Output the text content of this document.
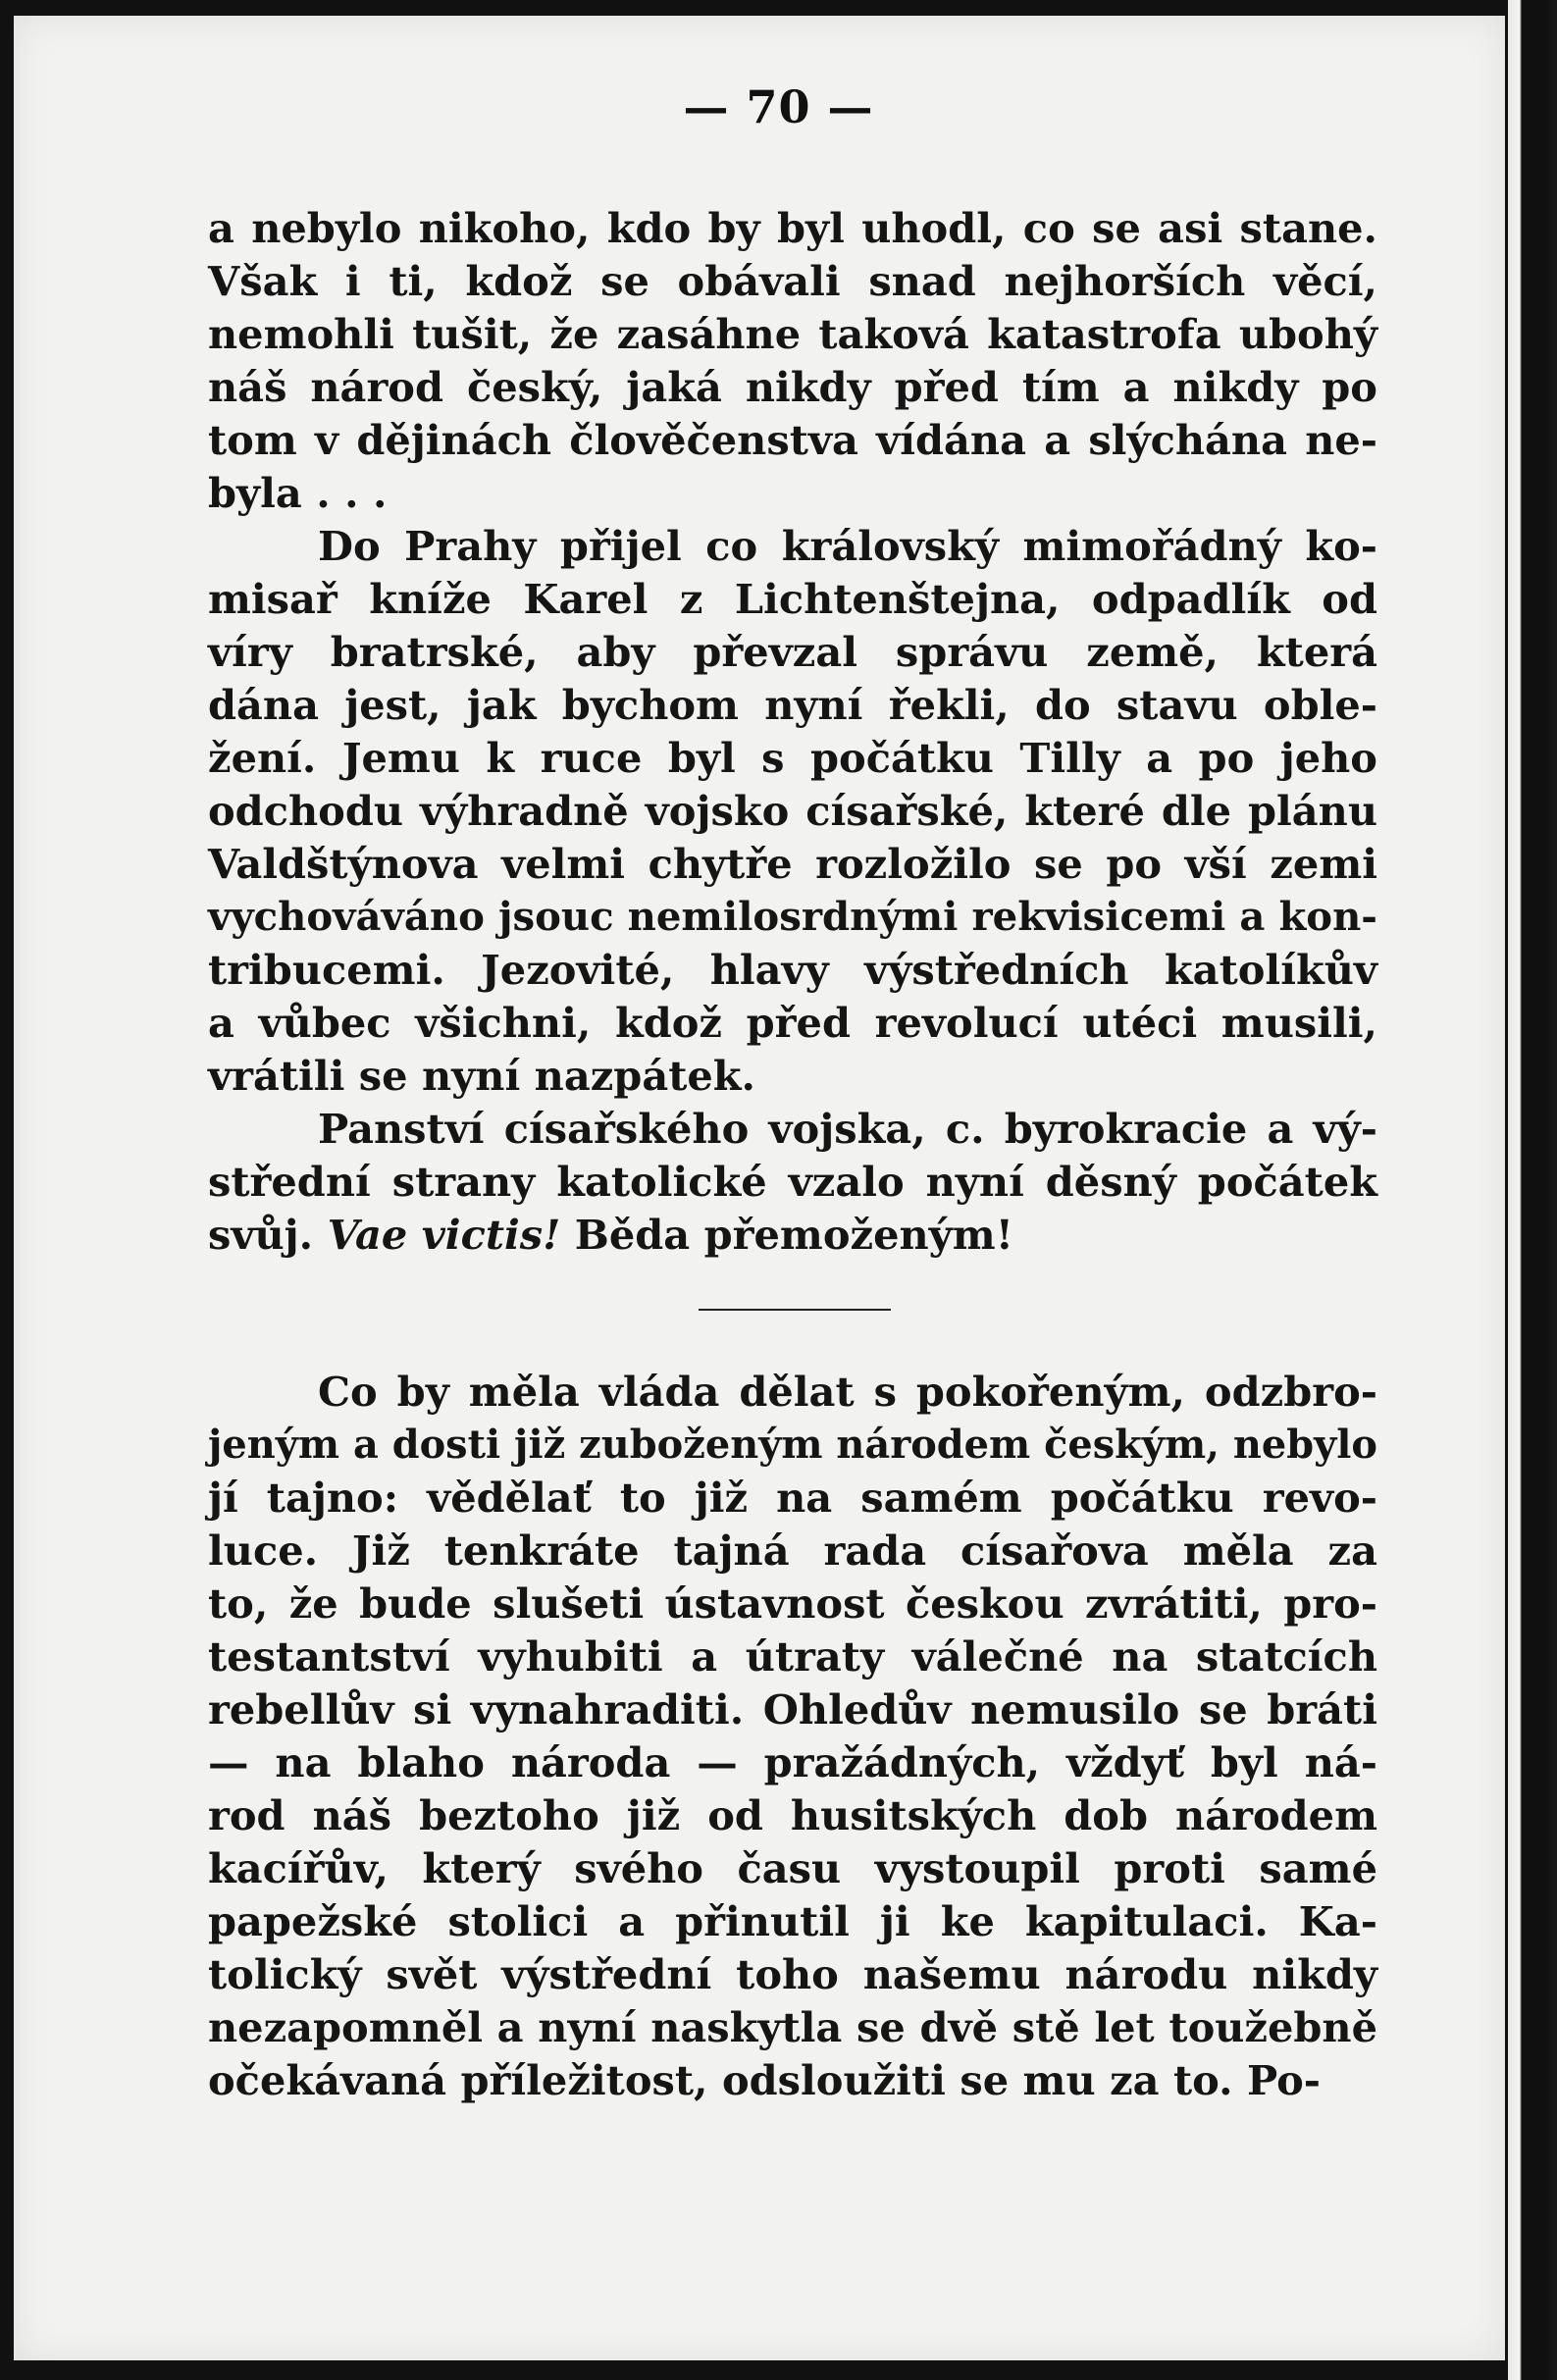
— 70 —
a nebylo nikoho, kdo by byl uhodl, co se asi stane.
Však i ti, kdož se obávali snad nejhorších věcí,
nemohli tušit, že zasáhne taková katastrofa ubohý
náš národ český, jaká nikdy před tím a nikdy po
tom v dějinách člověčenstva vídána a slýchána ne-
byla . . .
Do Prahy přijel co královský mimořádný ko-
misař kníže Karel z Lichtenštejna, odpadlík od
víry bratrské, aby převzal správu země, která
dána jest, jak bychom nyní řekli, do stavu oble-
žení. Jemu k ruce byl s počátku Tilly a po jeho
odchodu výhradně vojsko císařské, které dle plánu
Valdštýnova velmi chytře rozložilo se po vší zemi
vychováváno jsouc nemilosrdnými rekvisicemi a kon-
tribucemi. Jezovité, hlavy výstředních katolíkův
a vůbec všichni, kdož před revolucí utéci musili,
vrátili se nyní nazpátek.
Panství císařského vojska, c. byrokracie a vý-
střední strany katolické vzalo nyní děsný počátek
svůj. Vae victis! Běda přemoženým!
Co by měla vláda dělat s pokořeným, odzbro-
jeným a dosti již zuboženým národem českým, nebylo
jí tajno: vědělať to již na samém počátku revo-
luce. Již tenkráte tajná rada císařova měla za
to, že bude slušeti ústavnost českou zvrátiti, pro-
testantství vyhubiti a útraty válečné na statcích
rebellův si vynahraditi. Ohledův nemusilo se bráti
— na blaho národa — pražádných, vždyť byl ná-
rod náš beztoho již od husitských dob národem
kacířův, který svého času vystoupil proti samé
papežské stolici a přinutil ji ke kapitulaci. Ka-
tolický svět výstřední toho našemu národu nikdy
nezapomněl a nyní naskytla se dvě stě let toužebně
očekávaná příležitost, odsloužiti se mu za to. Po-
